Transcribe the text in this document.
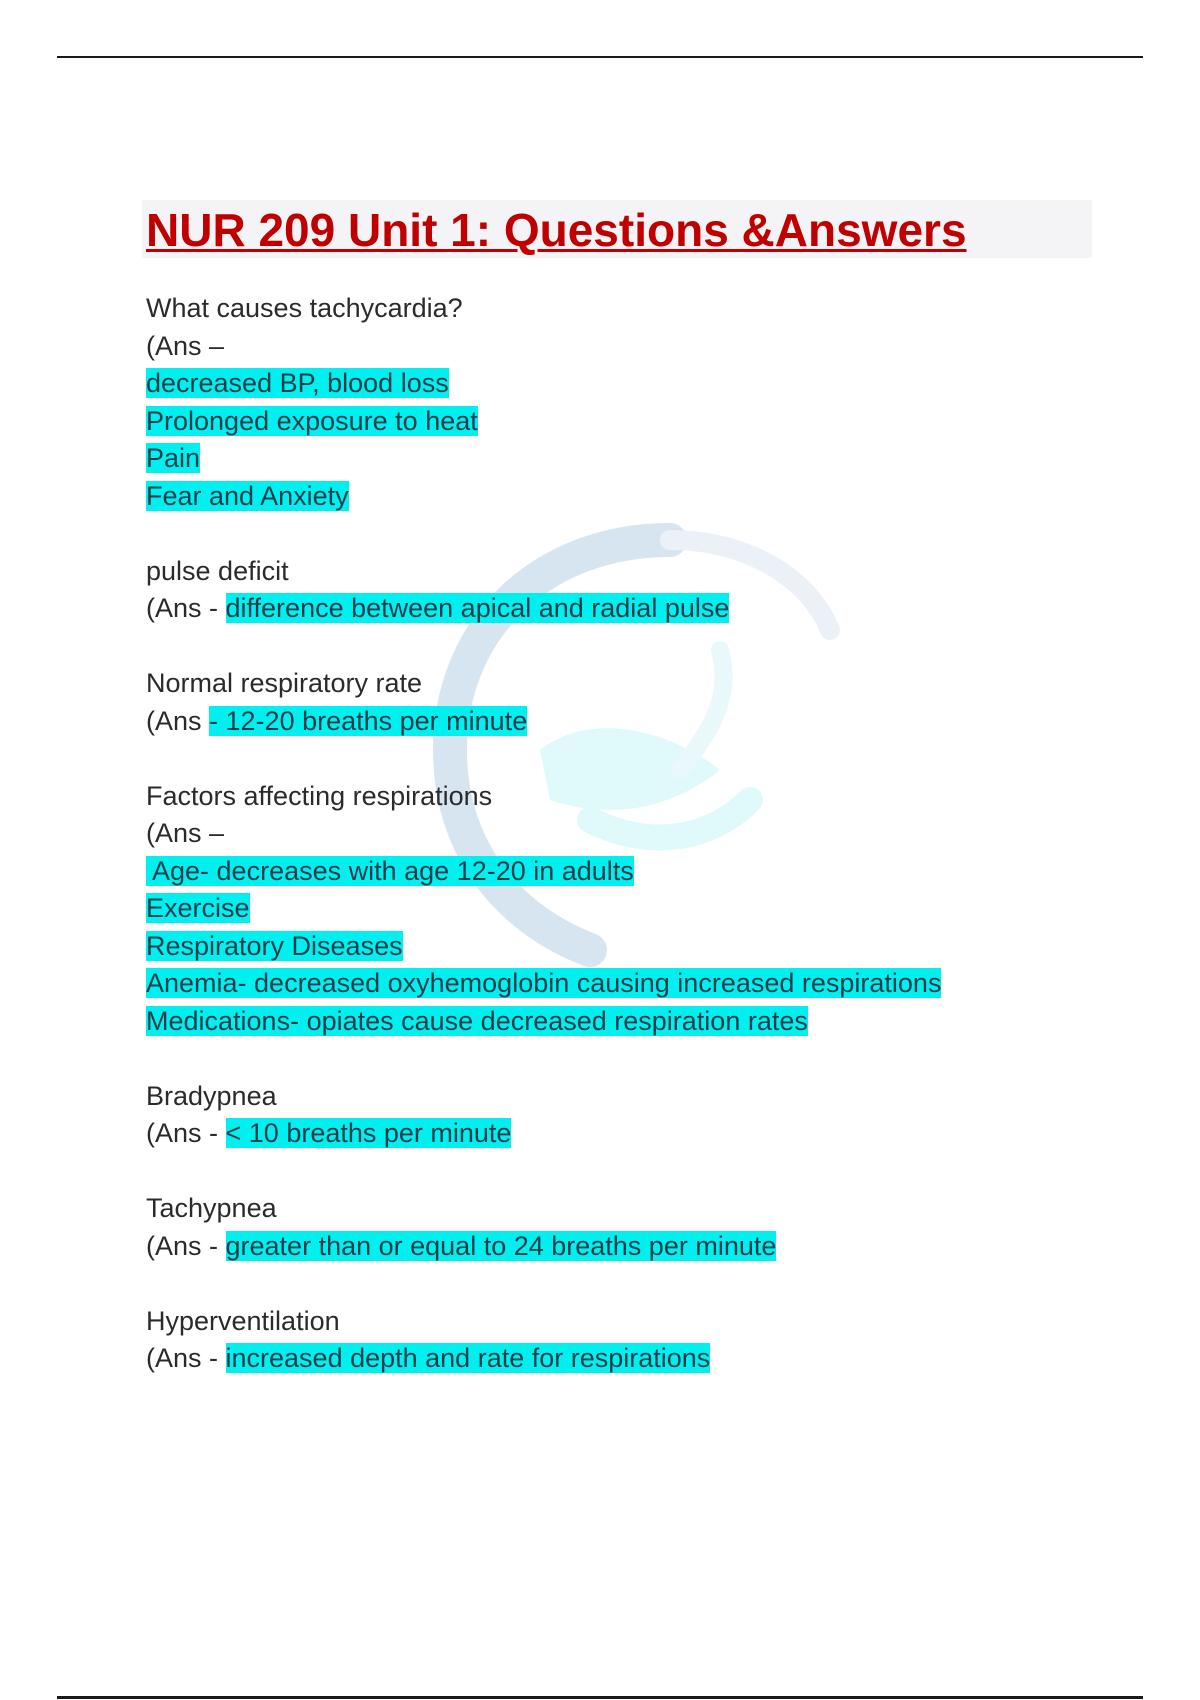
NUR 209 Unit 1: Questions &Answers
What causes tachycardia?
(Ans –
decreased BP, blood loss
Prolonged exposure to heat
Pain
Fear and Anxiety
pulse deficit
(Ans - difference between apical and radial pulse
Normal respiratory rate
(Ans - 12-20 breaths per minute
Factors affecting respirations
(Ans –
Age- decreases with age 12-20 in adults
Exercise
Respiratory Diseases
Anemia- decreased oxyhemoglobin causing increased respirations
Medications- opiates cause decreased respiration rates
Bradypnea
(Ans - < 10 breaths per minute
Tachypnea
(Ans - greater than or equal to 24 breaths per minute
Hyperventilation
(Ans - increased depth and rate for respirations
